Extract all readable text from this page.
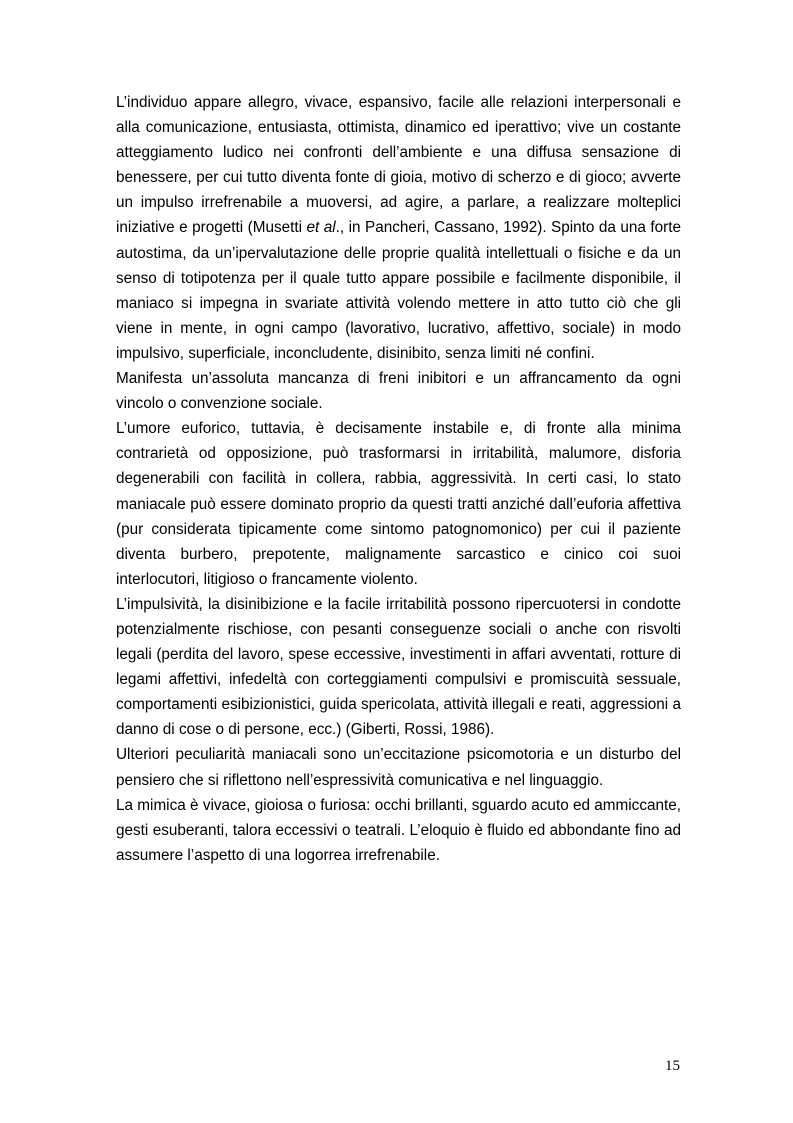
L’individuo appare allegro, vivace, espansivo, facile alle relazioni interpersonali e alla comunicazione, entusiasta, ottimista, dinamico ed iperattivo; vive un costante atteggiamento ludico nei confronti dell’ambiente e una diffusa sensazione di benessere, per cui tutto diventa fonte di gioia, motivo di scherzo e di gioco; avverte un impulso irrefrenabile a muoversi, ad agire, a parlare, a realizzare molteplici iniziative e progetti (Musetti et al., in Pancheri, Cassano, 1992). Spinto da una forte autostima, da un’ipervalutazione delle proprie qualità intellettuali o fisiche e da un senso di totipotenza per il quale tutto appare possibile e facilmente disponibile, il maniaco si impegna in svariate attività volendo mettere in atto tutto ciò che gli viene in mente, in ogni campo (lavorativo, lucrativo, affettivo, sociale) in modo impulsivo, superficiale, inconcludente, disinibito, senza limiti né confini.

Manifesta un’assoluta mancanza di freni inibitori e un affrancamento da ogni vincolo o convenzione sociale.

L’umore euforico, tuttavia, è decisamente instabile e, di fronte alla minima contrarietà od opposizione, può trasformarsi in irritabilità, malumore, disforia degenerabili con facilità in collera, rabbia, aggressività. In certi casi, lo stato maniacale può essere dominato proprio da questi tratti anziché dall’euforia affettiva (pur considerata tipicamente come sintomo patognomonico) per cui il paziente diventa burbero, prepotente, malignamente sarcastico e cinico coi suoi interlocutori, litigioso o francamente violento.

L’impulsività, la disinibizione e la facile irritabilità possono ripercuotersi in condotte potenzialmente rischiose, con pesanti conseguenze sociali o anche con risvolti legali (perdita del lavoro, spese eccessive, investimenti in affari avventati, rotture di legami affettivi, infedeltà con corteggiamenti compulsivi e promiscuità sessuale, comportamenti esibizionistici, guida spericolata, attività illegali e reati, aggressioni a danno di cose o di persone, ecc.) (Giberti, Rossi, 1986).

Ulteriori peculiarità maniacali sono un’eccitazione psicomotoria e un disturbo del pensiero che si riflettono nell’espressività comunicativa e nel linguaggio.

La mimica è vivace, gioiosa o furiosa: occhi brillanti, sguardo acuto ed ammiccante, gesti esuberanti, talora eccessivi o teatrali. L’eloquio è fluido ed abbondante fino ad assumere l’aspetto di una logorrea irrefrenabile.

15
